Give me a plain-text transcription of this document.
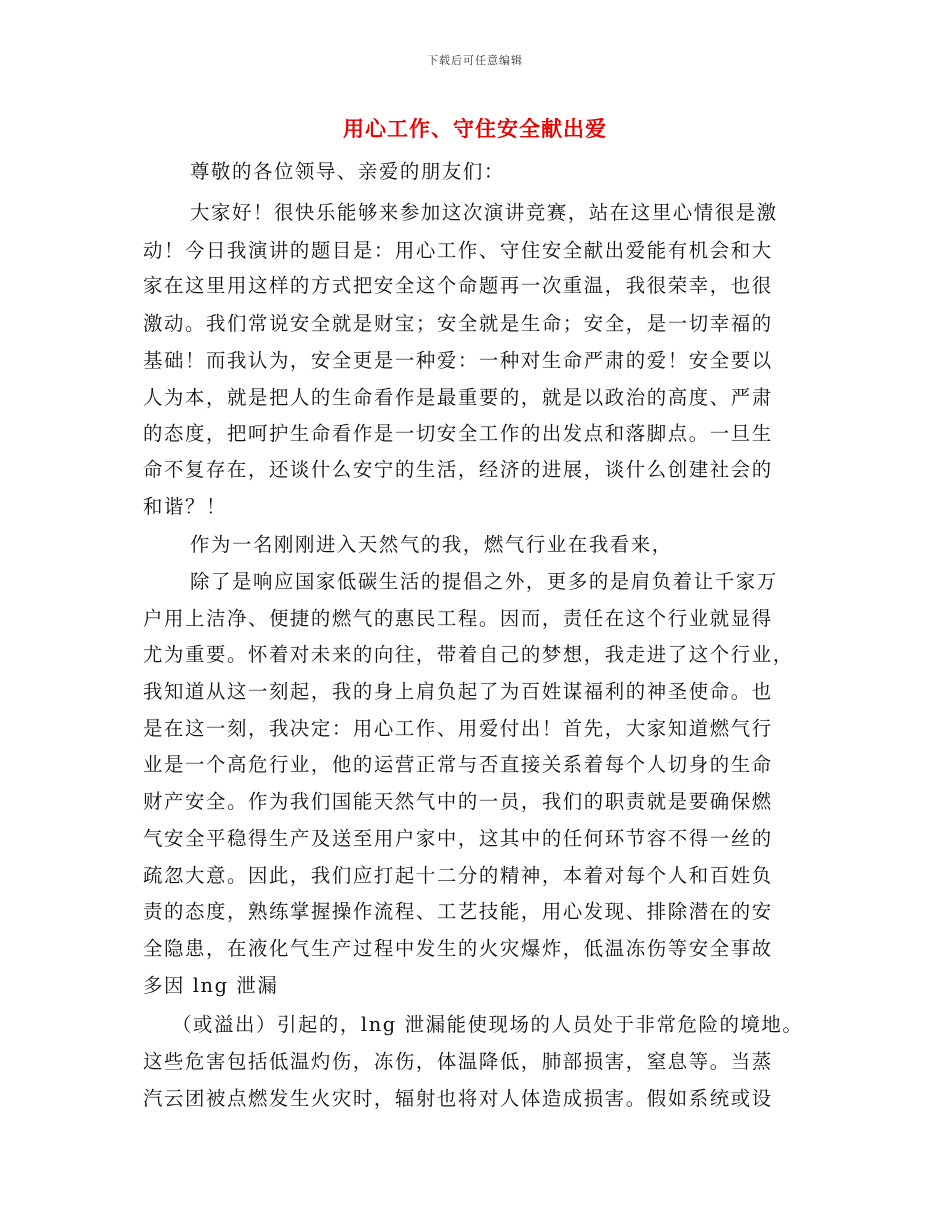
下载后可任意编辑
用心工作、守住安全献出爱
尊敬的各位领导、亲爱的朋友们：
大家好！很快乐能够来参加这次演讲竞赛，站在这里心情很是激
动！今日我演讲的题目是：用心工作、守住安全献出爱能有机会和大
家在这里用这样的方式把安全这个命题再一次重温，我很荣幸，也很
激动。我们常说安全就是财宝；安全就是生命；安全，是一切幸福的
基础！而我认为，安全更是一种爱：一种对生命严肃的爱！安全要以
人为本，就是把人的生命看作是最重要的，就是以政治的高度、严肃
的态度，把呵护生命看作是一切安全工作的出发点和落脚点。一旦生
命不复存在，还谈什么安宁的生活，经济的进展，谈什么创建社会的
和谐？！
作为一名刚刚进入天然气的我，燃气行业在我看来，
除了是响应国家低碳生活的提倡之外，更多的是肩负着让千家万
户用上洁净、便捷的燃气的惠民工程。因而，责任在这个行业就显得
尤为重要。怀着对未来的向往，带着自己的梦想，我走进了这个行业，
我知道从这一刻起，我的身上肩负起了为百姓谋福利的神圣使命。也
是在这一刻，我决定：用心工作、用爱付出！首先，大家知道燃气行
业是一个高危行业，他的运营正常与否直接关系着每个人切身的生命
财产安全。作为我们国能天然气中的一员，我们的职责就是要确保燃
气安全平稳得生产及送至用户家中，这其中的任何环节容不得一丝的
疏忽大意。因此，我们应打起十二分的精神，本着对每个人和百姓负
责的态度，熟练掌握操作流程、工艺技能，用心发现、排除潜在的安
全隐患，在液化气生产过程中发生的火灾爆炸，低温冻伤等安全事故
多因 lng 泄漏
（或溢出）引起的，lng 泄漏能使现场的人员处于非常危险的境地。
这些危害包括低温灼伤，冻伤，体温降低，肺部损害，窒息等。当蒸
汽云团被点燃发生火灾时，辐射也将对人体造成损害。假如系统或设
